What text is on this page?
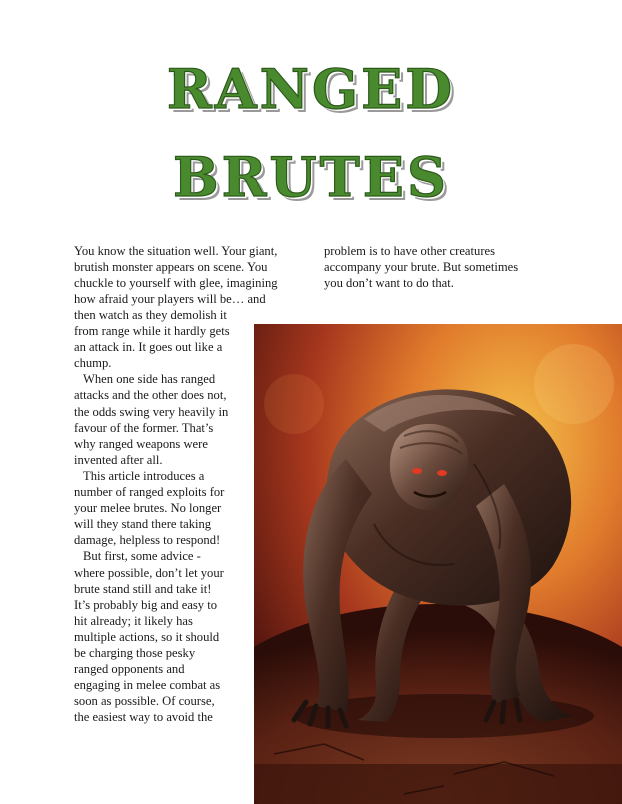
RANGED
BRUTES
You know the situation well. Your giant,
brutish monster appears on scene. You
chuckle to yourself with glee, imagining
how afraid your players will be… and
then watch as they demolish it
from range while it hardly gets
an attack in. It goes out like a
chump.
When one side has ranged
attacks and the other does not,
the odds swing very heavily in
favour of the former. That’s
why ranged weapons were
invented after all.
This article introduces a
number of ranged exploits for
your melee brutes. No longer
will they stand there taking
damage, helpless to respond!
But first, some advice -
where possible, don’t let your
brute stand still and take it!
It’s probably big and easy to
hit already; it likely has
multiple actions, so it should
be charging those pesky
ranged opponents and
engaging in melee combat as
soon as possible. Of course,
the easiest way to avoid the
problem is to have other creatures
accompany your brute. But sometimes
you don’t want to do that.
